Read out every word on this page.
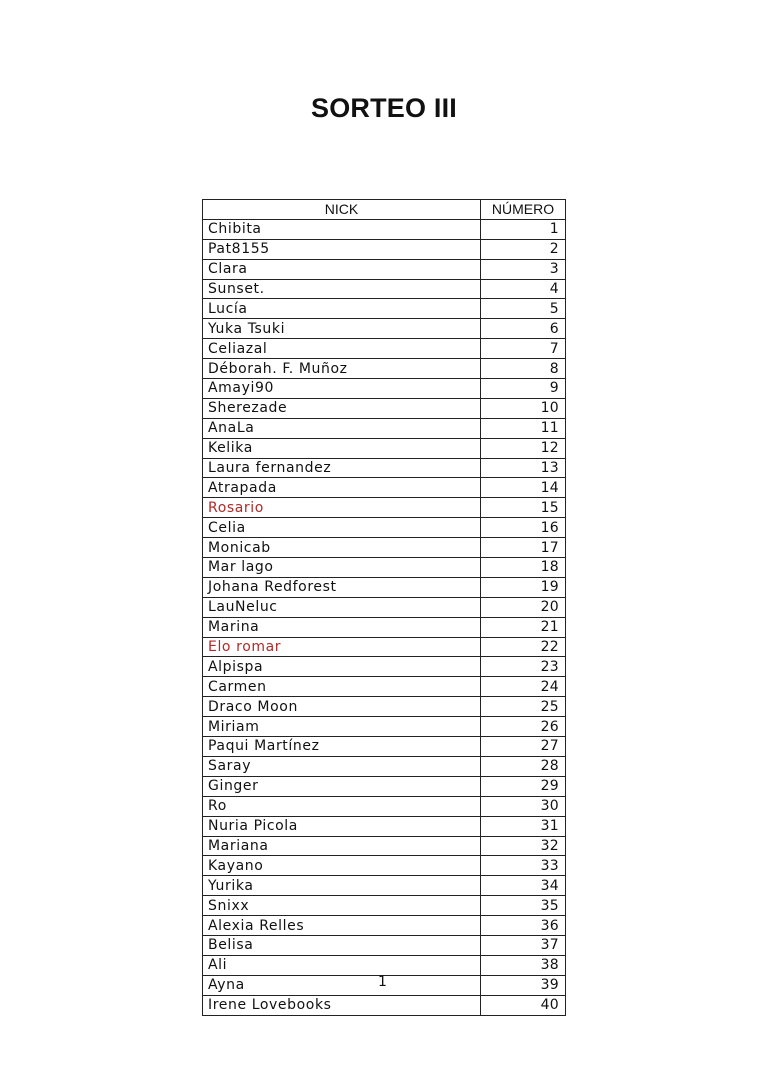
SORTEO III
NICK	NÚMERO
Chibita	1
Pat8155	2
Clara	3
Sunset.	4
Lucía	5
Yuka Tsuki	6
Celiazal	7
Déborah. F. Muñoz	8
Amayi90	9
Sherezade	10
AnaLa	11
Kelika	12
Laura fernandez	13
Atrapada	14
Rosario	15
Celia	16
Monicab	17
Mar lago	18
Johana Redforest	19
LauNeluc	20
Marina	21
Elo romar	22
Alpispa	23
Carmen	24
Draco Moon	25
Miriam	26
Paqui Martínez	27
Saray	28
Ginger	29
Ro	30
Nuria Picola	31
Mariana	32
Kayano	33
Yurika	34
Snixx	35
Alexia Relles	36
Belisa	37
Ali	38
Ayna	39
Irene Lovebooks	40
1
